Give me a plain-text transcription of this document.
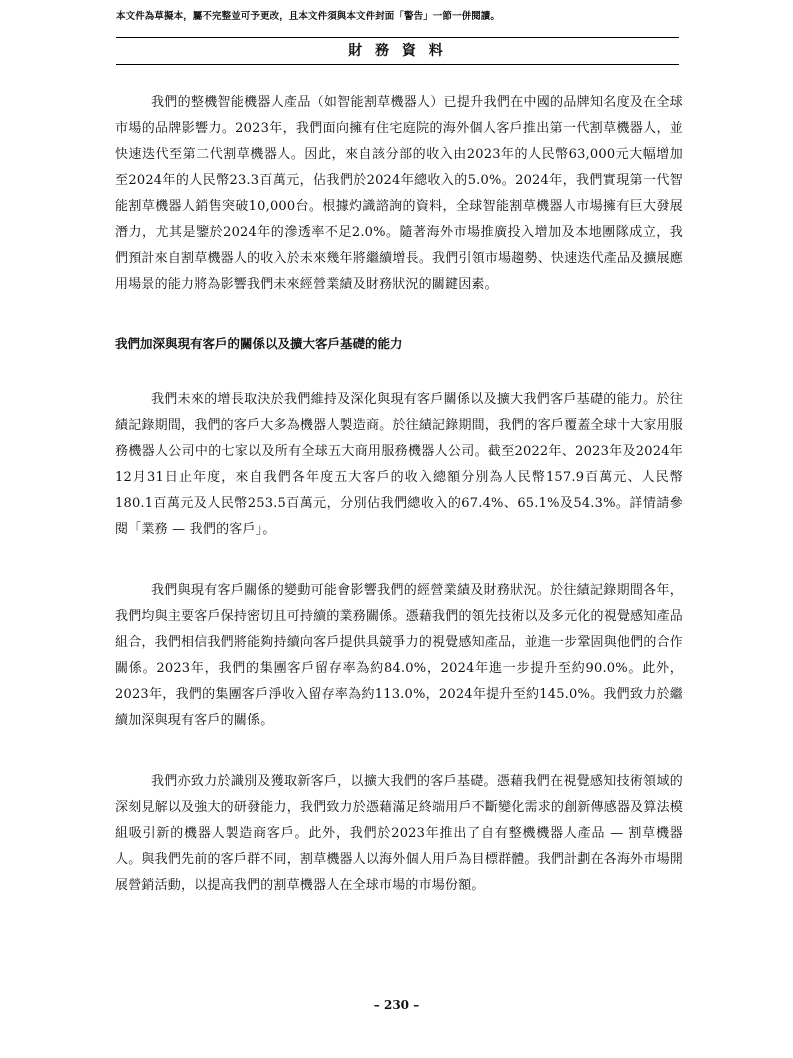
本文件為草擬本，屬不完整並可予更改，且本文件須與本文件封面「警告」一節一併閱讀。
財 務 資 料

我們的整機智能機器人產品（如智能割草機器人）已提升我們在中國的品牌知名度及在全球市場的品牌影響力。2023年，我們面向擁有住宅庭院的海外個人客戶推出第一代割草機器人，並快速迭代至第二代割草機器人。因此，來自該分部的收入由2023年的人民幣63,000元大幅增加至2024年的人民幣23.3百萬元，佔我們於2024年總收入的5.0%。2024年，我們實現第一代智能割草機器人銷售突破10,000台。根據灼識諮詢的資料，全球智能割草機器人市場擁有巨大發展潛力，尤其是鑒於2024年的滲透率不足2.0%。隨著海外市場推廣投入增加及本地團隊成立，我們預計來自割草機器人的收入於未來幾年將繼續增長。我們引領市場趨勢、快速迭代產品及擴展應用場景的能力將為影響我們未來經營業績及財務狀況的關鍵因素。

我們加深與現有客戶的關係以及擴大客戶基礎的能力

我們未來的增長取決於我們維持及深化與現有客戶關係以及擴大我們客戶基礎的能力。於往績記錄期間，我們的客戶大多為機器人製造商。於往績記錄期間，我們的客戶覆蓋全球十大家用服務機器人公司中的七家以及所有全球五大商用服務機器人公司。截至2022年、2023年及2024年12月31日止年度，來自我們各年度五大客戶的收入總額分別為人民幣157.9百萬元、人民幣180.1百萬元及人民幣253.5百萬元，分別佔我們總收入的67.4%、65.1%及54.3%。詳情請參閱「業務 — 我們的客戶」。

我們與現有客戶關係的變動可能會影響我們的經營業績及財務狀況。於往績記錄期間各年，我們均與主要客戶保持密切且可持續的業務關係。憑藉我們的領先技術以及多元化的視覺感知產品組合，我們相信我們將能夠持續向客戶提供具競爭力的視覺感知產品，並進一步鞏固與他們的合作關係。2023年，我們的集團客戶留存率為約84.0%，2024年進一步提升至約90.0%。此外，2023年，我們的集團客戶淨收入留存率為約113.0%，2024年提升至約145.0%。我們致力於繼續加深與現有客戶的關係。

我們亦致力於識別及獲取新客戶，以擴大我們的客戶基礎。憑藉我們在視覺感知技術領域的深刻見解以及強大的研發能力，我們致力於憑藉滿足終端用戶不斷變化需求的創新傳感器及算法模組吸引新的機器人製造商客戶。此外，我們於2023年推出了自有整機機器人產品 — 割草機器人。與我們先前的客戶群不同，割草機器人以海外個人用戶為目標群體。我們計劃在各海外市場開展營銷活動，以提高我們的割草機器人在全球市場的市場份額。

– 230 –
